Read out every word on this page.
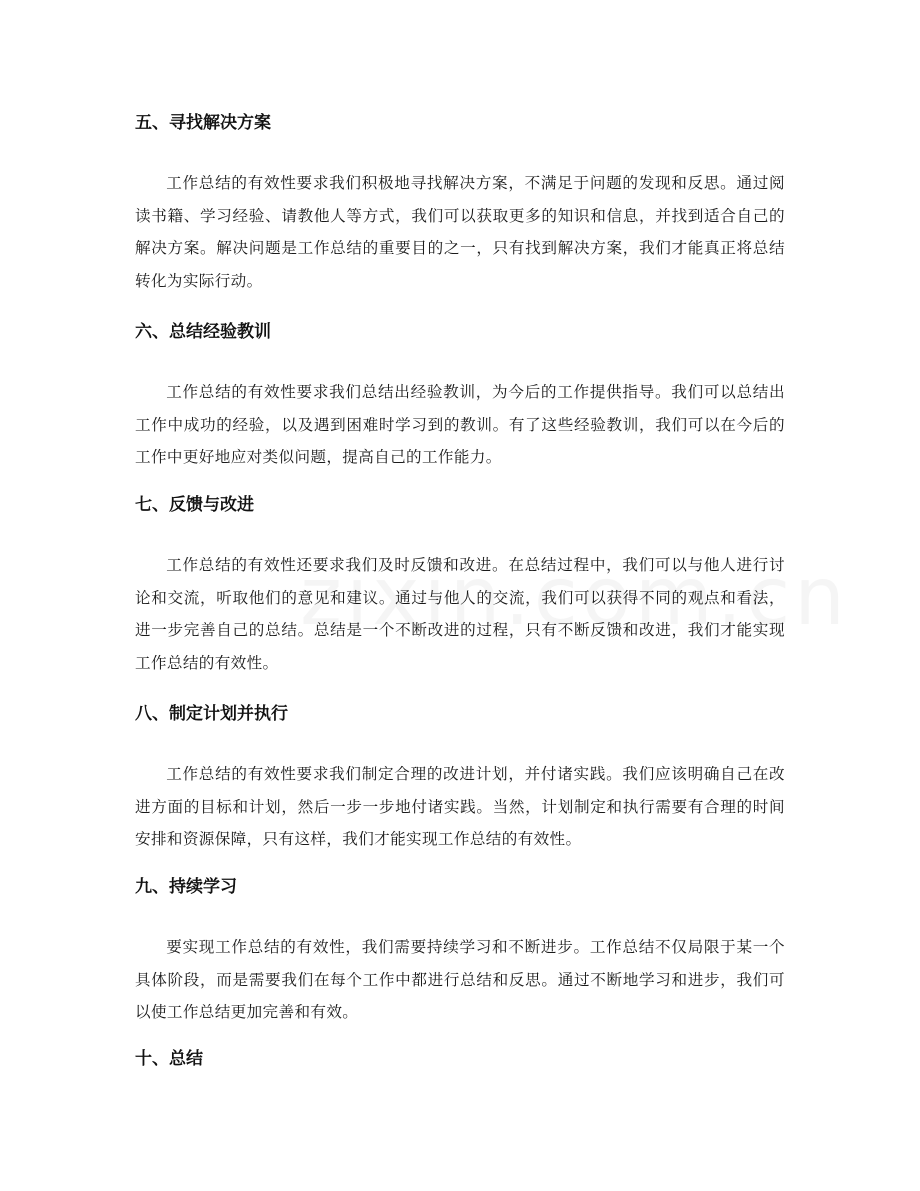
五、寻找解决方案

工作总结的有效性要求我们积极地寻找解决方案，不满足于问题的发现和反思。通过阅读书籍、学习经验、请教他人等方式，我们可以获取更多的知识和信息，并找到适合自己的解决方案。解决问题是工作总结的重要目的之一，只有找到解决方案，我们才能真正将总结转化为实际行动。

六、总结经验教训

工作总结的有效性要求我们总结出经验教训，为今后的工作提供指导。我们可以总结出工作中成功的经验，以及遇到困难时学习到的教训。有了这些经验教训，我们可以在今后的工作中更好地应对类似问题，提高自己的工作能力。

七、反馈与改进

工作总结的有效性还要求我们及时反馈和改进。在总结过程中，我们可以与他人进行讨论和交流，听取他们的意见和建议。通过与他人的交流，我们可以获得不同的观点和看法，进一步完善自己的总结。总结是一个不断改进的过程，只有不断反馈和改进，我们才能实现工作总结的有效性。

八、制定计划并执行

工作总结的有效性要求我们制定合理的改进计划，并付诸实践。我们应该明确自己在改进方面的目标和计划，然后一步一步地付诸实践。当然，计划制定和执行需要有合理的时间安排和资源保障，只有这样，我们才能实现工作总结的有效性。

九、持续学习

要实现工作总结的有效性，我们需要持续学习和不断进步。工作总结不仅局限于某一个具体阶段，而是需要我们在每个工作中都进行总结和反思。通过不断地学习和进步，我们可以使工作总结更加完善和有效。

十、总结
